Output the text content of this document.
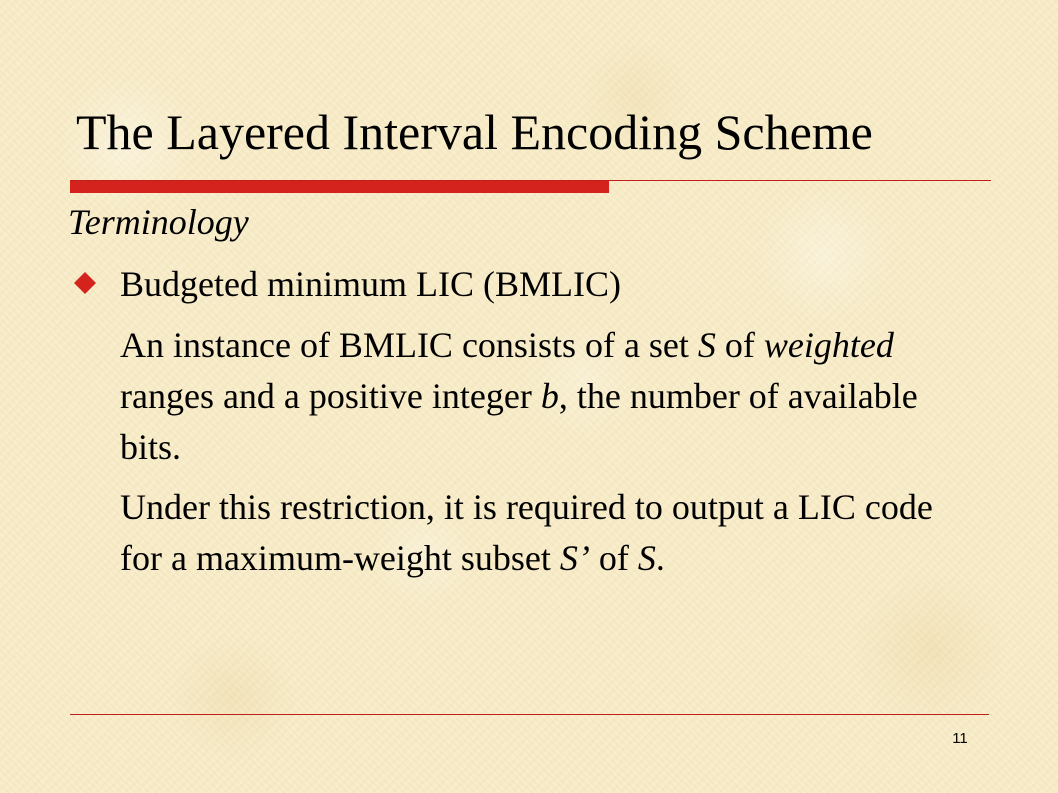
The Layered Interval Encoding Scheme
Terminology
Budgeted minimum LIC (BMLIC)

An instance of BMLIC consists of a set S of weighted ranges and a positive integer b, the number of available bits.

Under this restriction, it is required to output a LIC code for a maximum-weight subset S’ of S.

11
